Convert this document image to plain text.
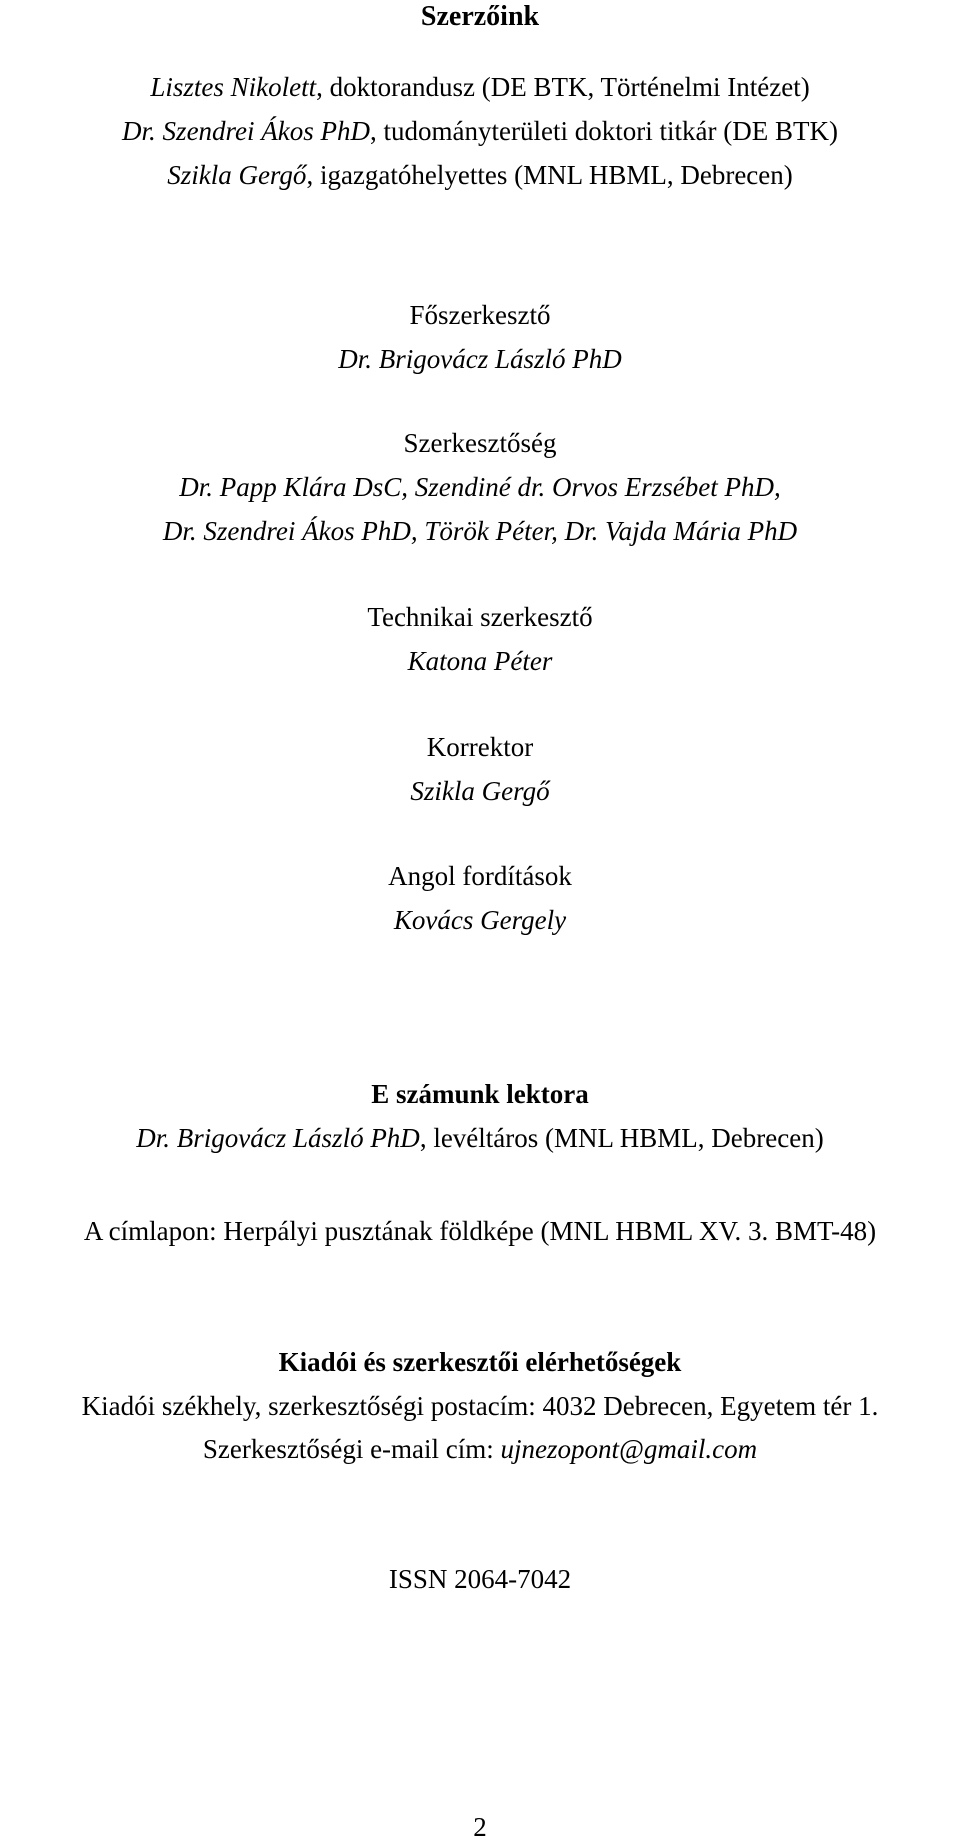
Szerzőink
Lisztes Nikolett, doktorandusz (DE BTK, Történelmi Intézet)
Dr. Szendrei Ákos PhD, tudományterületi doktori titkár (DE BTK)
Szikla Gergő, igazgatóhelyettes (MNL HBML, Debrecen)
Főszerkesztő
Dr. Brigovácz László PhD
Szerkesztőség
Dr. Papp Klára DsC, Szendiné dr. Orvos Erzsébet PhD,
Dr. Szendrei Ákos PhD, Török Péter, Dr. Vajda Mária PhD
Technikai szerkesztő
Katona Péter
Korrektor
Szikla Gergő
Angol fordítások
Kovács Gergely
E számunk lektora
Dr. Brigovácz László PhD, levéltáros (MNL HBML, Debrecen)
A címlapon: Herpályi pusztának földképe (MNL HBML XV. 3. BMT-48)
Kiadói és szerkesztői elérhetőségek
Kiadói székhely, szerkesztőségi postacím: 4032 Debrecen, Egyetem tér 1.
Szerkesztőségi e-mail cím: ujnezopont@gmail.com
ISSN 2064-7042
2
